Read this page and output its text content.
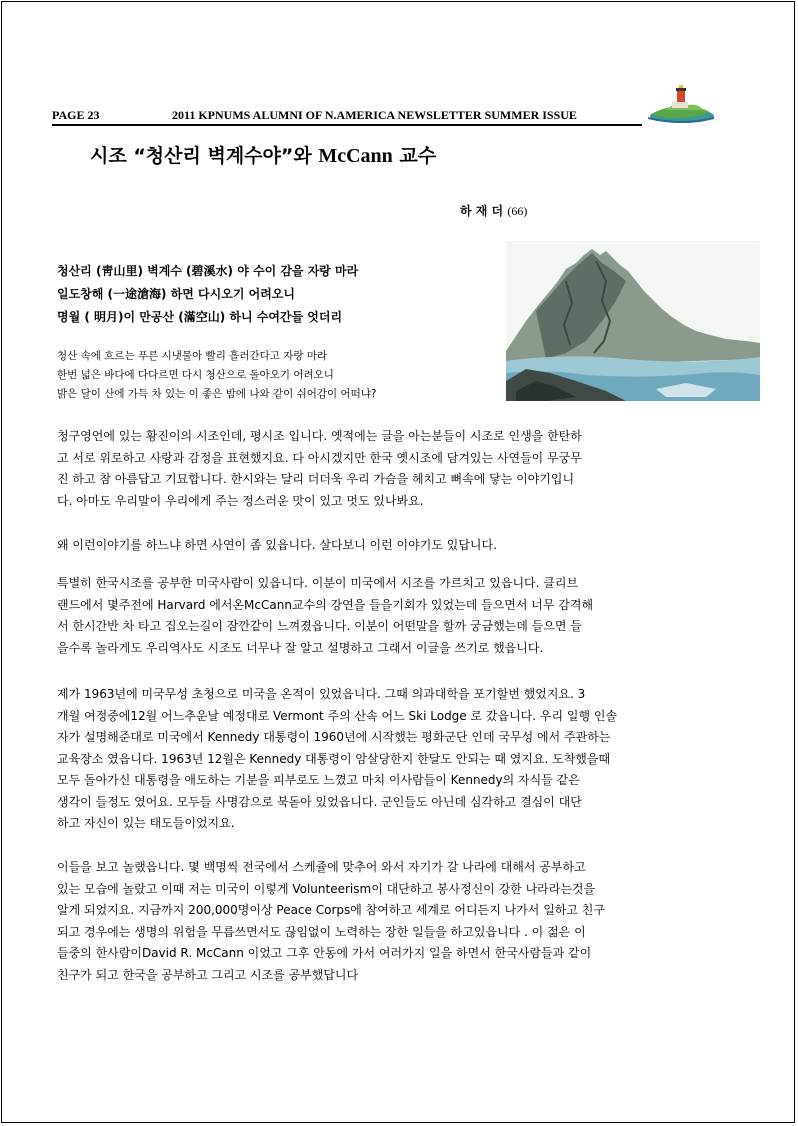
PAGE 23	2011 KPNUMS ALUMNI OF N.AMERICA NEWSLETTER SUMMER ISSUE
시조 “청산리 벽계수야”와 McCann 교수
하 재 더 (66)
청산리 (靑山里) 벽계수 (碧溪水) 야 수이 감을 자랑 마라
일도창해 (一途滄海) 하면 다시오기 어려오니
명월 ( 明月)이 만공산 (滿空山) 하니 수여간들 엇더리
청산 속에 흐르는 푸른 시냇물아 빨리 흘러간다고 자랑 마라
한번 넓은 바다에 다다르면 다시 청산으로 돌아오기 어려오니
밝은 달이 산에 가득 차 있는 이 좋은 밤에 나와 같이 쉬어감이 어떠냐?
청구영언에 있는 황진이의 시조인데, 평시조 입니다. 옛적에는 글을 아는분들이 시조로 인생을 한탄하
고 서로 위로하고 사랑과 감정을 표현했지요. 다 아시겠지만 한국 옛시조에 담겨있는 사연들이 무궁무
진 하고 참 아름답고 기묘합니다. 한시와는 달리 더더욱 우리 가슴을 헤치고 뼈속에 닿는 이야기입니
다. 아마도 우리말이 우리에게 주는 정스러운 맛이 있고 멋도 있나봐요.
왜 이런이야기를 하느냐 하면 사연이 좀 있읍니다. 살다보니 이런 이야기도 있답니다.
특별히 한국시조를 공부한 미국사람이 있읍니다. 이분이 미국에서 시조를 가르치고 있읍니다. 클리브
랜드에서 몇주전에 Harvard 에서온McCann교수의 강연을 들을기회가 있었는데 들으면서 너무 감격해
서 한시간반 차 타고 집오는길이 잠깐같이 느껴졌읍니다. 이분이 어떤말을 할까 궁금했는데 들으면 들
을수록 놀라게도 우리역사도 시조도 너무나 잘 알고 설명하고 그래서 이글을 쓰기로 했읍니다.
제가 1963년에 미국무성 초청으로 미국을 온적이 있었읍니다. 그때 의과대학을 포기할번 했었지요. 3
개월 여정중에12월 어느추운날 예정대로 Vermont 주의 산속 어느 Ski Lodge 로 갔읍니다. 우리 일행 인솔
자가 설명해준대로 미국에서 Kennedy 대통령이 1960년에 시작했는 평화군단 인데 국무성 에서 주관하는
교육장소 였읍니다. 1963년 12월은 Kennedy 대통령이 암살당한지 한달도 안되는 때 였지요. 도착했을때
모두 돌아가신 대통령을 애도하는 기분을 피부로도 느꼈고 마치 이사람들이 Kennedy의 자식들 같은
생각이 들정도 였어요. 모두들 사명감으로 북돋아 있었읍니다. 군인들도 아닌데 심각하고 결심이 대단
하고 자신이 있는 태도들이었지요.
이들을 보고 놀랬읍니다. 몇 백명씩 전국에서 스케쥴에 맞추어 와서 자기가 갈 나라에 대해서 공부하고
있는 모습에 놀랐고 이때 저는 미국이 이렇게 Volunteerism이 대단하고 봉사정신이 강한 나라라는것을
알게 되었지요. 지금까지 200,000명이상 Peace Corps에 참여하고 세계로 어디든지 나가서 일하고 친구
되고 경우에는 생명의 위험을 무릅쓰면서도 끊임없이 노력하는 장한 일들을 하고있읍니다 . 이 젊은 이
들중의 한사람이David R. McCann 이었고 그후 안동에 가서 여러가지 일을 하면서 한국사람들과 같이
친구가 되고 한국을 공부하고 그리고 시조를 공부했답니다
